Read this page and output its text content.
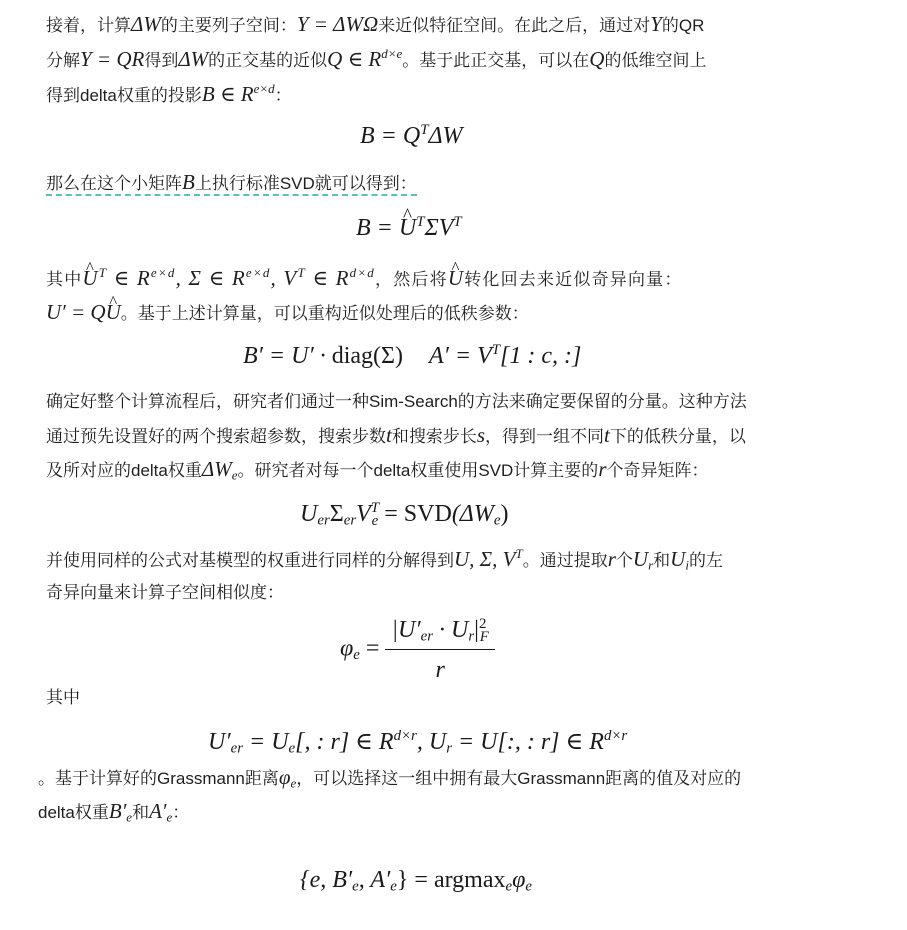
接着，计算ΔW的主要列子空间：Y = ΔWΩ来近似特征空间。在此之后，通过对Y的QR
分解Y = QR得到ΔW的正交基的近似Q ∈ $R^{d\times e}$。基于此正交基，可以在Q的低维空间上
得到delta权重的投影B ∈ $R^{e\times d}$：
$B = Q^T\Delta W$
那么在这个小矩阵B上执行标准SVD就可以得到：
B = ^ $U^T\Sigma V^T$
其中^ $U^T$ ∈ $R^{e\times d}$, Σ ∈ $R^{e\times d}$, $V^T$ ∈ $R^{d\times d}$，然后将^ U转化回去来近似奇异向量：
U′ = Q^ U。基于上述计算量，可以重构近似处理后的低秩参数：
B′ = U′ · diag(Σ) $A' = V^T[1$ : c, :]
确定好整个计算流程后，研究者们通过一种Sim-Search的方法来确定要保留的分量。这种方法
通过预先设置好的两个搜索超参数，搜索步数t和搜索步长s，得到一组不同t下的低秩分量，以
及所对应的delta权重$\Delta W_e$。研究者对每一个delta权重使用SVD计算主要的r个奇异矩阵：
$U_{er}\Sigma_{er}V^T_e = SVD(\Delta W_e)$
并使用同样的公式对基模型的权重进行同样的分解得到U, Σ, $V^T$。通过提取r个$U_r$和$U_i$的左
奇异向量来计算子空间相似度：
$\varphi_e = \frac{|U'_{er} \cdot U_r|^2_F}{r}$
其中
$U'_{er} = U_e$[, : r] ∈ $R^{d\times r}$, $U_r = U$[:, : r] ∈ $R^{d\times r}$
。基于计算好的Grassmann距离$\varphi_e$，可以选择这一组中拥有最大Grassmann距离的值及对应的
delta权重$B'_e$和$A'_e$：
{e, $B'_e$, $A'_e\} = argmax_e\varphi_e$
